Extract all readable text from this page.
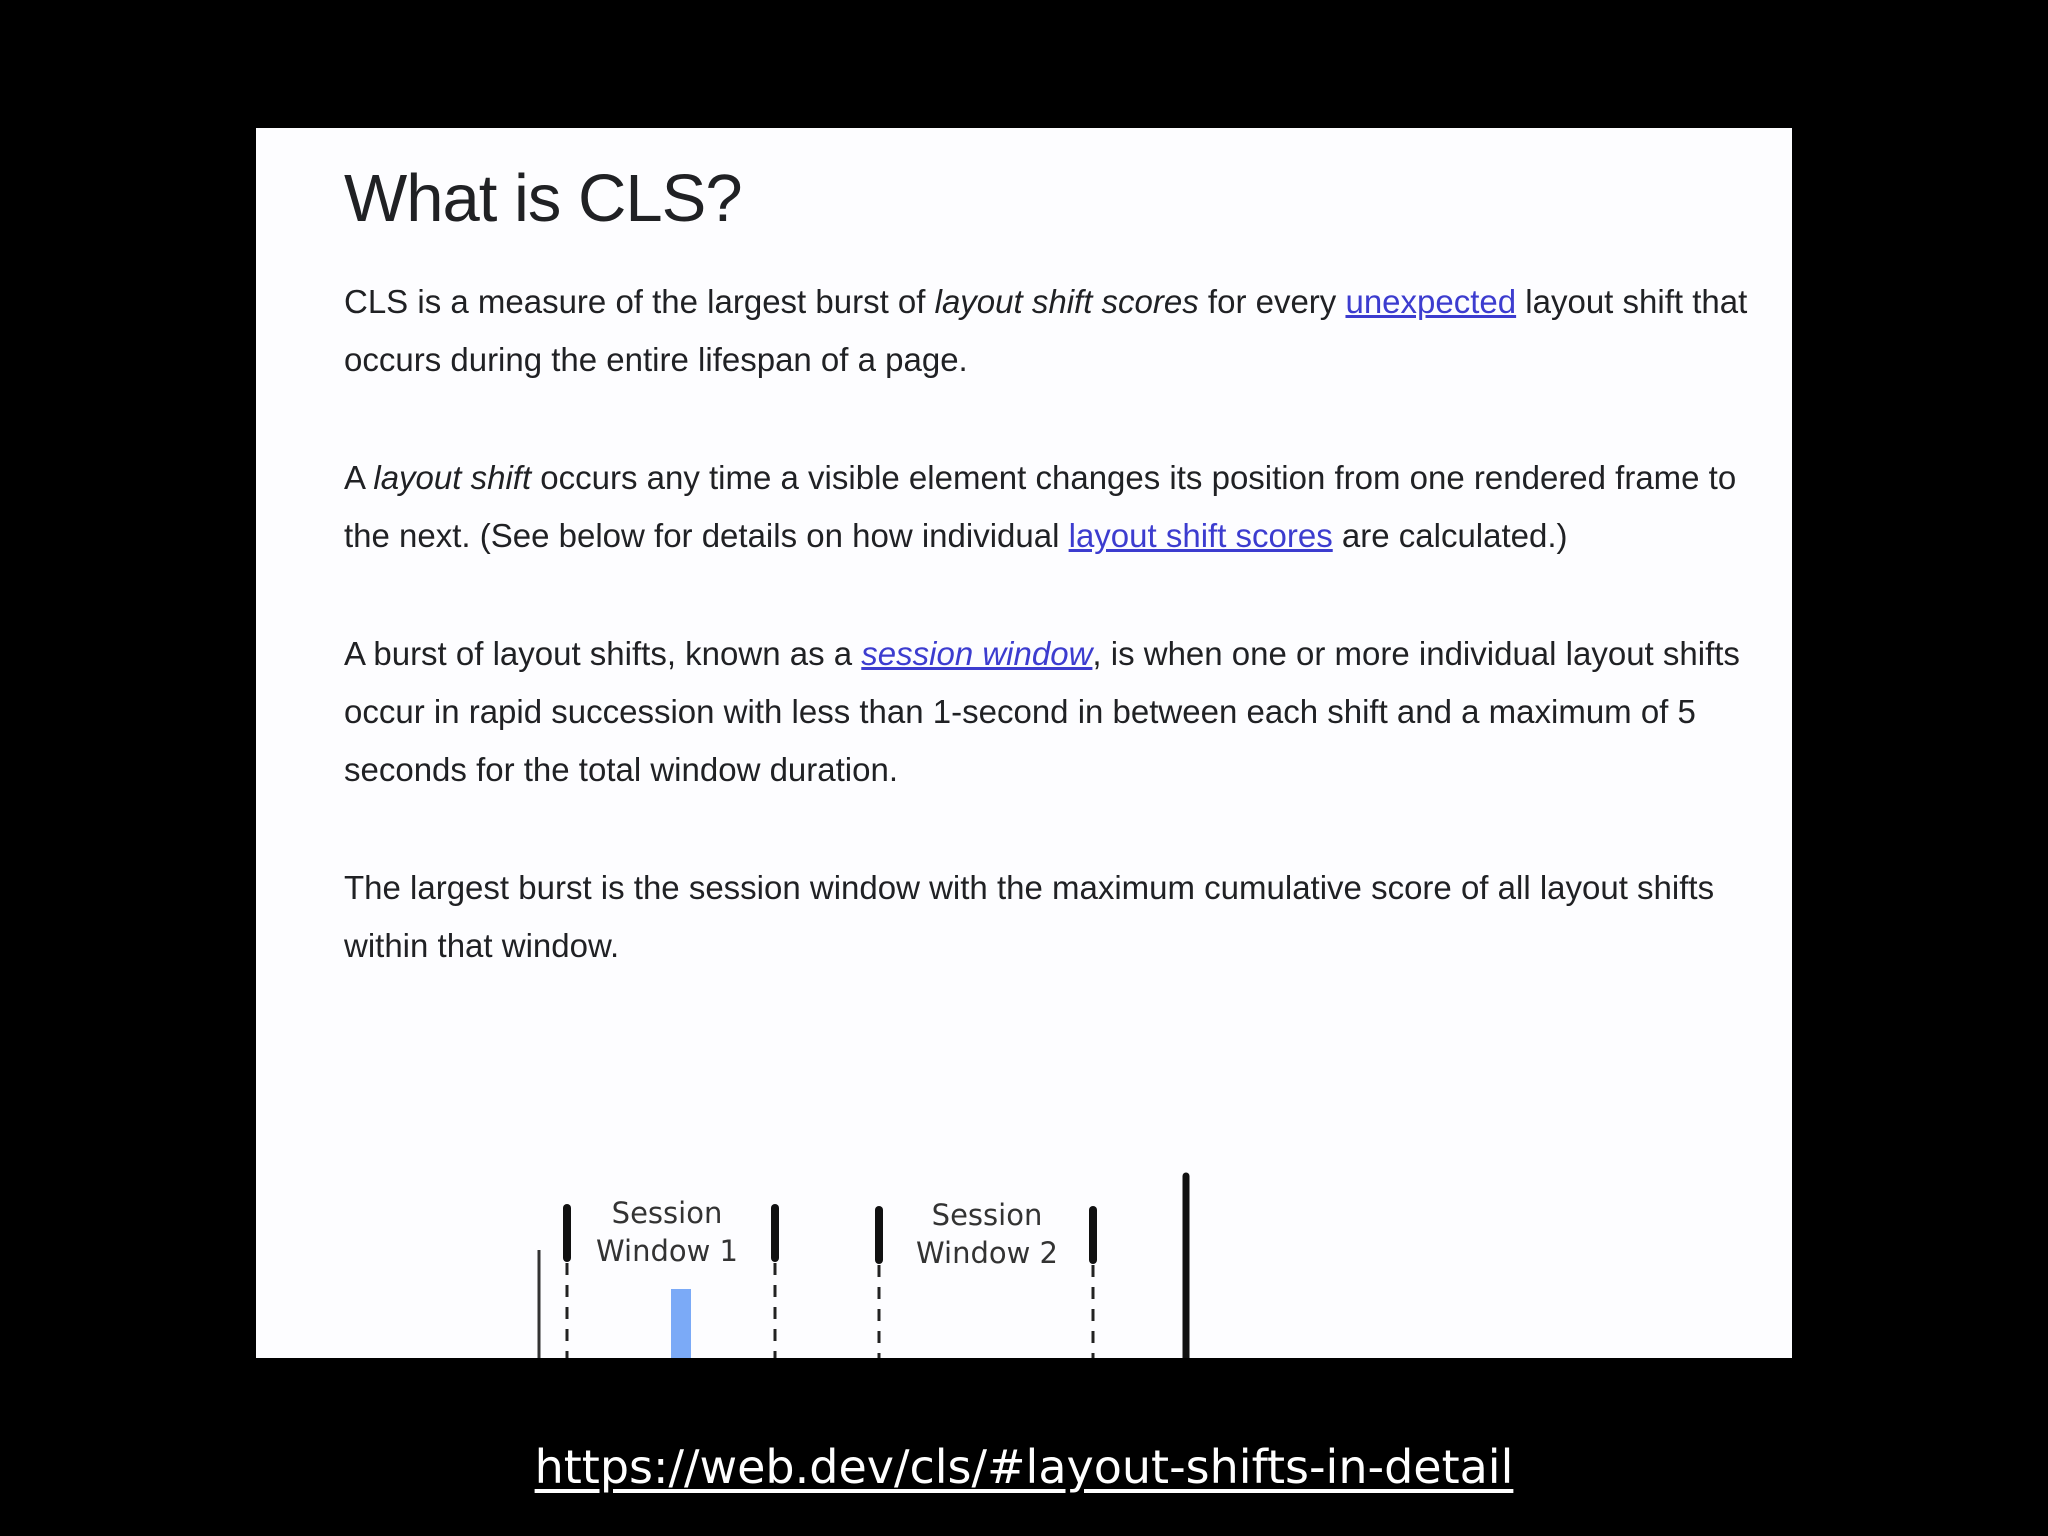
What is CLS?

CLS is a measure of the largest burst of layout shift scores for every unexpected layout shift that occurs during the entire lifespan of a page.

A layout shift occurs any time a visible element changes its position from one rendered frame to the next. (See below for details on how individual layout shift scores are calculated.)

A burst of layout shifts, known as a session window, is when one or more individual layout shifts occur in rapid succession with less than 1-second in between each shift and a maximum of 5 seconds for the total window duration.

The largest burst is the session window with the maximum cumulative score of all layout shifts within that window.

Session
Window 1
Session
Window 2
https://web.dev/cls/#layout-shifts-in-detail
